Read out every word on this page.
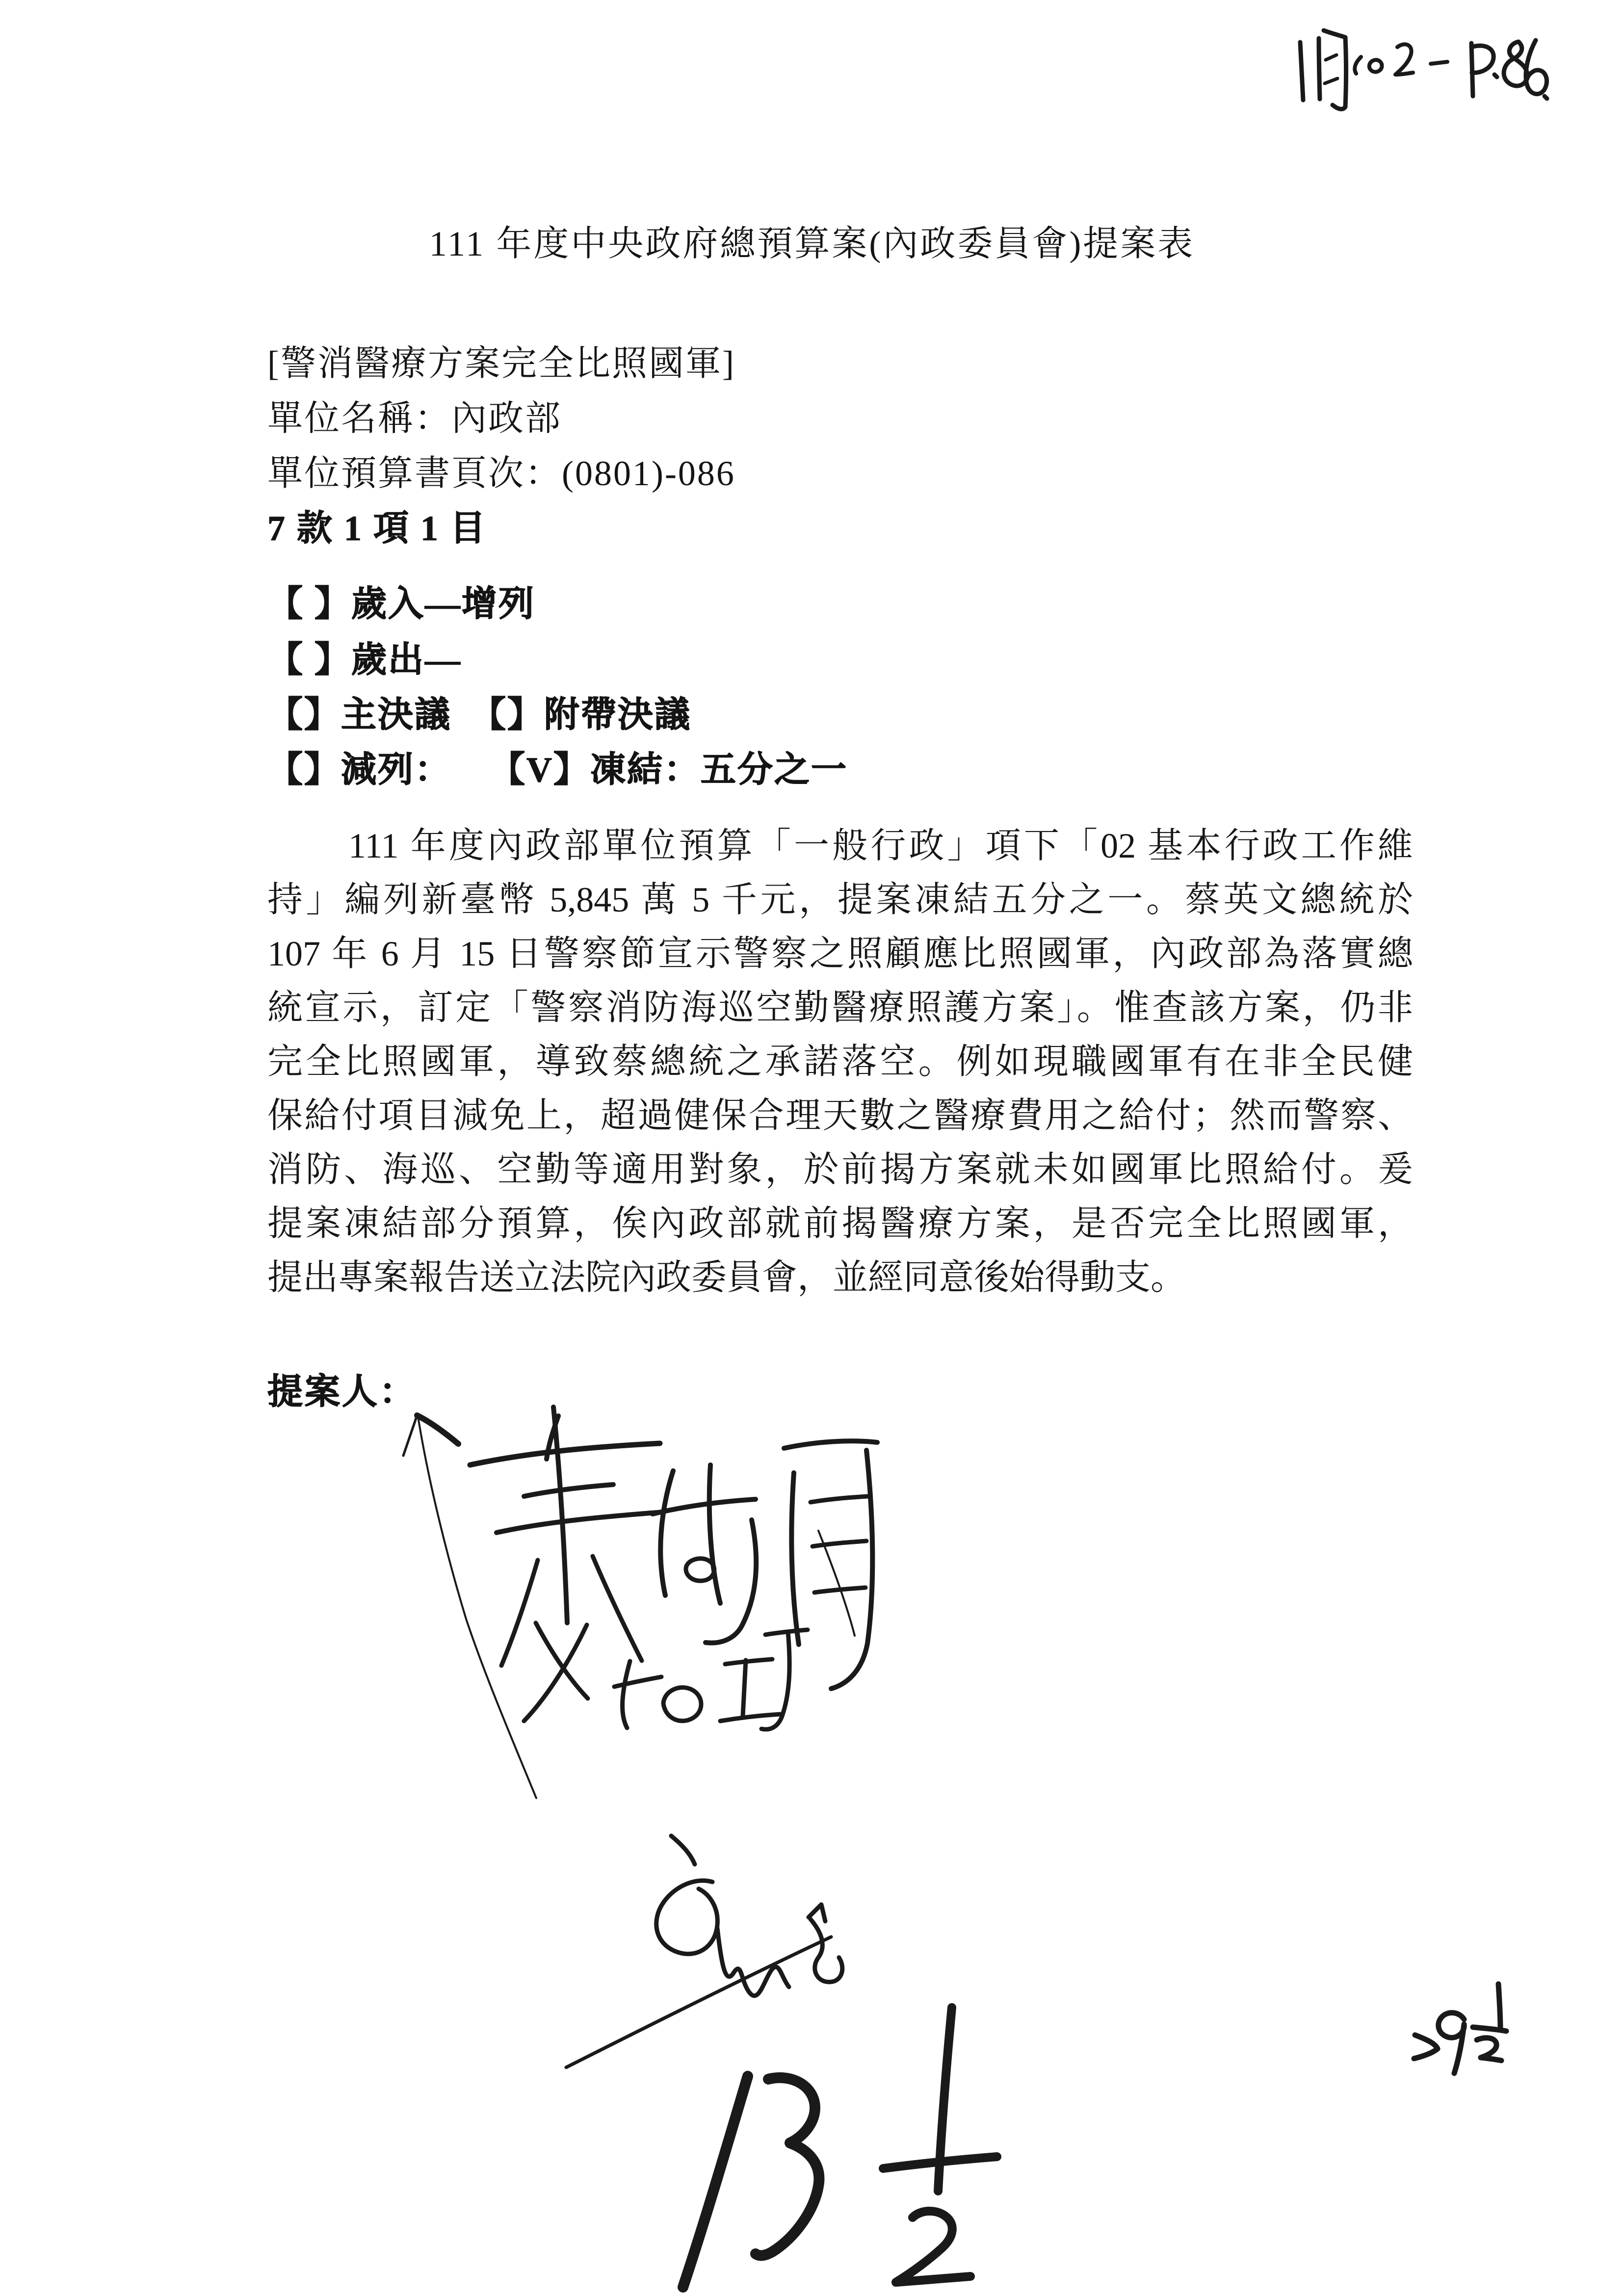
111 年度中央政府總預算案(內政委員會)提案表
[警消醫療方案完全比照國軍]
單位名稱：內政部
單位預算書頁次：(0801)-086
7 款 1 項 1 目
【 】歲入—增列
【 】歲出—
【】主決議　【】附帶決議
【】減列：　　【V】凍結：五分之一
111 年度內政部單位預算「一般行政」項下「02 基本行政工作維
持」編列新臺幣 5,845 萬 5 千元，提案凍結五分之一。蔡英文總統於
107 年 6 月 15 日警察節宣示警察之照顧應比照國軍，內政部為落實總
統宣示，訂定「警察消防海巡空勤醫療照護方案」。惟查該方案，仍非
完全比照國軍，導致蔡總統之承諾落空。例如現職國軍有在非全民健
保給付項目減免上，超過健保合理天數之醫療費用之給付；然而警察、
消防、海巡、空勤等適用對象，於前揭方案就未如國軍比照給付。爰
提案凍結部分預算，俟內政部就前揭醫療方案，是否完全比照國軍，
提出專案報告送立法院內政委員會，並經同意後始得動支。
提案人：
